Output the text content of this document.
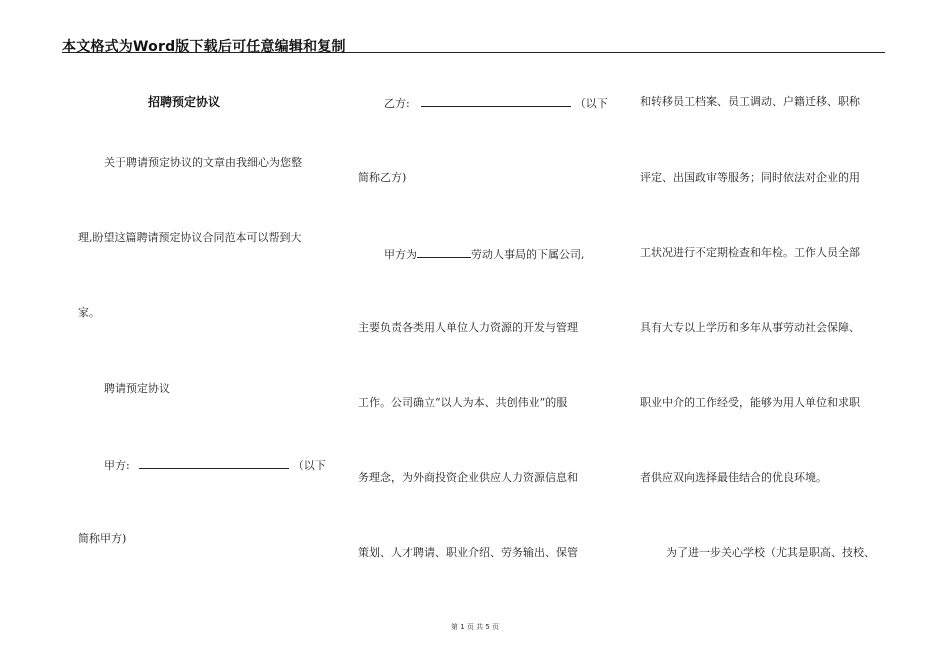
本文格式为Word版下载后可任意编辑和复制
招聘预定协议
关于聘请预定协议的文章由我细心为您整
理,盼望这篇聘请预定协议合同范本可以帮到大
家。
聘请预定协议
甲方:	（以下
简称甲方)
乙方:	（以下
简称乙方)
甲方为	劳动人事局的下属公司,
主要负责各类用人单位人力资源的开发与管理
工作。公司确立“以人为本、共创伟业”的服
务理念，为外商投资企业供应人力资源信息和
策划、人才聘请、职业介绍、劳务输出、保管
和转移员工档案、员工调动、户籍迁移、职称
评定、出国政审等服务；同时依法对企业的用
工状况进行不定期检查和年检。工作人员全部
具有大专以上学历和多年从事劳动社会保障、
职业中介的工作经受，能够为用人单位和求职
者供应双向选择最佳结合的优良环境。
为了进一步关心学校（尤其是职高、技校、
第 1 页 共 5 页
